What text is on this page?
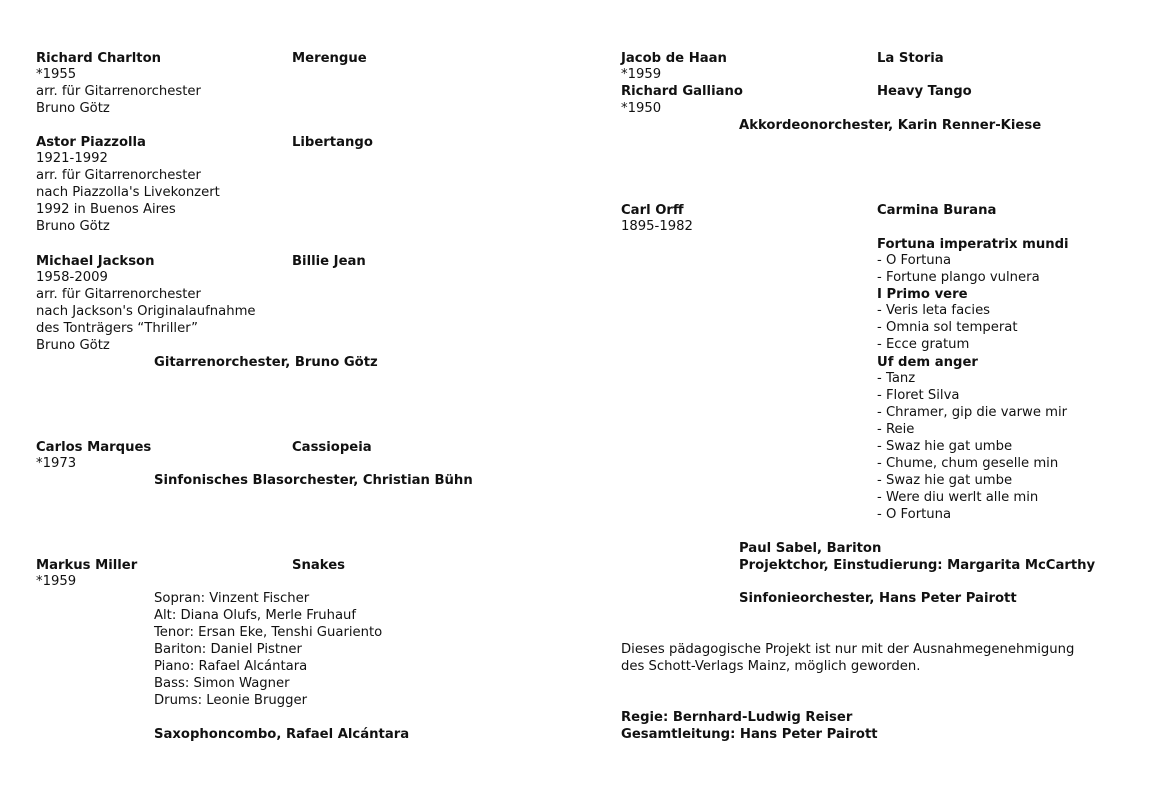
Richard Charlton	Merengue
*1955
arr. für Gitarrenorchester
Bruno Götz
Astor Piazzolla	Libertango
1921-1992
arr. für Gitarrenorchester
nach Piazzolla's Livekonzert
1992 in Buenos Aires
Bruno Götz
Michael Jackson	Billie Jean
1958-2009
arr. für Gitarrenorchester
nach Jackson's Originalaufnahme
des Tonträgers “Thriller”
Bruno Götz
Gitarrenorchester, Bruno Götz
Carlos Marques	Cassiopeia
*1973
Sinfonisches Blasorchester, Christian Bühn
Markus Miller	Snakes
*1959
Sopran: Vinzent Fischer
Alt: Diana Olufs, Merle Fruhauf
Tenor: Ersan Eke, Tenshi Guariento
Bariton: Daniel Pistner
Piano: Rafael Alcántara
Bass: Simon Wagner
Drums: Leonie Brugger
Saxophoncombo, Rafael Alcántara
Jacob de Haan	La Storia
*1959
Richard Galliano	Heavy Tango
*1950
Akkordeonorchester, Karin Renner-Kiese
Carl Orff	Carmina Burana
1895-1982
Fortuna imperatrix mundi
- O Fortuna
- Fortune plango vulnera
I Primo vere
- Veris leta facies
- Omnia sol temperat
- Ecce gratum
Uf dem anger
- Tanz
- Floret Silva
- Chramer, gip die varwe mir
- Reie
- Swaz hie gat umbe
- Chume, chum geselle min
- Swaz hie gat umbe
- Were diu werlt alle min
- O Fortuna
Paul Sabel, Bariton
Projektchor, Einstudierung: Margarita McCarthy
Sinfonieorchester, Hans Peter Pairott
Dieses pädagogische Projekt ist nur mit der Ausnahmegenehmigung
des Schott-Verlags Mainz, möglich geworden.
Regie: Bernhard-Ludwig Reiser
Gesamtleitung: Hans Peter Pairott
